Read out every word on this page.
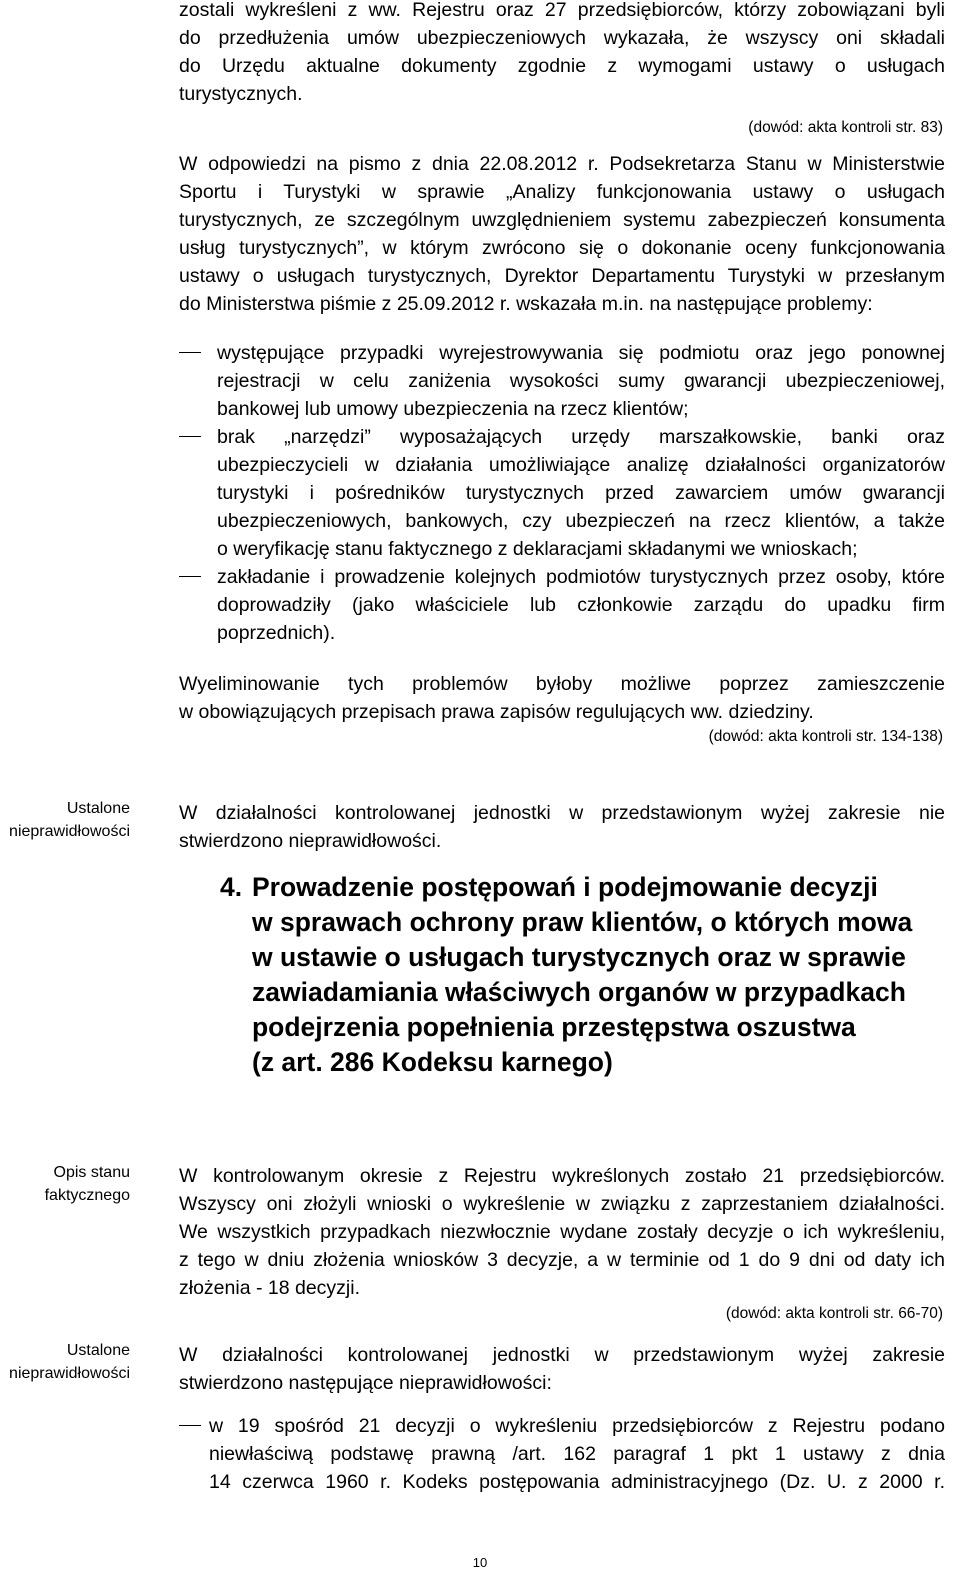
zostali wykreśleni z ww. Rejestru oraz 27 przedsiębiorców, którzy zobowiązani byli
do przedłużenia umów ubezpieczeniowych wykazała, że wszyscy oni składali
do Urzędu aktualne dokumenty zgodnie z wymogami ustawy o usługach
turystycznych.
(dowód: akta kontroli str. 83)
W odpowiedzi na pismo z dnia 22.08.2012 r. Podsekretarza Stanu w Ministerstwie
Sportu i Turystyki w sprawie „Analizy funkcjonowania ustawy o usługach
turystycznych, ze szczególnym uwzględnieniem systemu zabezpieczeń konsumenta
usług turystycznych”, w którym zwrócono się o dokonanie oceny funkcjonowania
ustawy o usługach turystycznych, Dyrektor Departamentu Turystyki w przesłanym
do Ministerstwa piśmie z 25.09.2012 r. wskazała m.in. na następujące problemy:
występujące przypadki wyrejestrowywania się podmiotu oraz jego ponownej
rejestracji w celu zaniżenia wysokości sumy gwarancji ubezpieczeniowej,
bankowej lub umowy ubezpieczenia na rzecz klientów;
brak „narzędzi” wyposażających urzędy marszałkowskie, banki oraz
ubezpieczycieli w działania umożliwiające analizę działalności organizatorów
turystyki i pośredników turystycznych przed zawarciem umów gwarancji
ubezpieczeniowych, bankowych, czy ubezpieczeń na rzecz klientów, a także
o weryfikację stanu faktycznego z deklaracjami składanymi we wnioskach;
zakładanie i prowadzenie kolejnych podmiotów turystycznych przez osoby, które
doprowadziły (jako właściciele lub członkowie zarządu do upadku firm
poprzednich).
Wyeliminowanie tych problemów byłoby możliwe poprzez zamieszczenie
w obowiązujących przepisach prawa zapisów regulujących ww. dziedziny.
(dowód: akta kontroli str. 134-138)
Ustalone
nieprawidłowości
W działalności kontrolowanej jednostki w przedstawionym wyżej zakresie nie
stwierdzono nieprawidłowości.
4. Prowadzenie postępowań i podejmowanie decyzji
w sprawach ochrony praw klientów, o których mowa
w ustawie o usługach turystycznych oraz w sprawie
zawiadamiania właściwych organów w przypadkach
podejrzenia popełnienia przestępstwa oszustwa
(z art. 286 Kodeksu karnego)
Opis stanu
faktycznego
W kontrolowanym okresie z Rejestru wykreślonych zostało 21 przedsiębiorców.
Wszyscy oni złożyli wnioski o wykreślenie w związku z zaprzestaniem działalności.
We wszystkich przypadkach niezwłocznie wydane zostały decyzje o ich wykreśleniu,
z tego w dniu złożenia wniosków 3 decyzje, a w terminie od 1 do 9 dni od daty ich
złożenia - 18 decyzji.
(dowód: akta kontroli str. 66-70)
Ustalone
nieprawidłowości
W działalności kontrolowanej jednostki w przedstawionym wyżej zakresie
stwierdzono następujące nieprawidłowości:
w 19 spośród 21 decyzji o wykreśleniu przedsiębiorców z Rejestru podano
niewłaściwą podstawę prawną /art. 162 paragraf 1 pkt 1 ustawy z dnia
14 czerwca 1960 r. Kodeks postępowania administracyjnego (Dz. U. z 2000 r.
10
